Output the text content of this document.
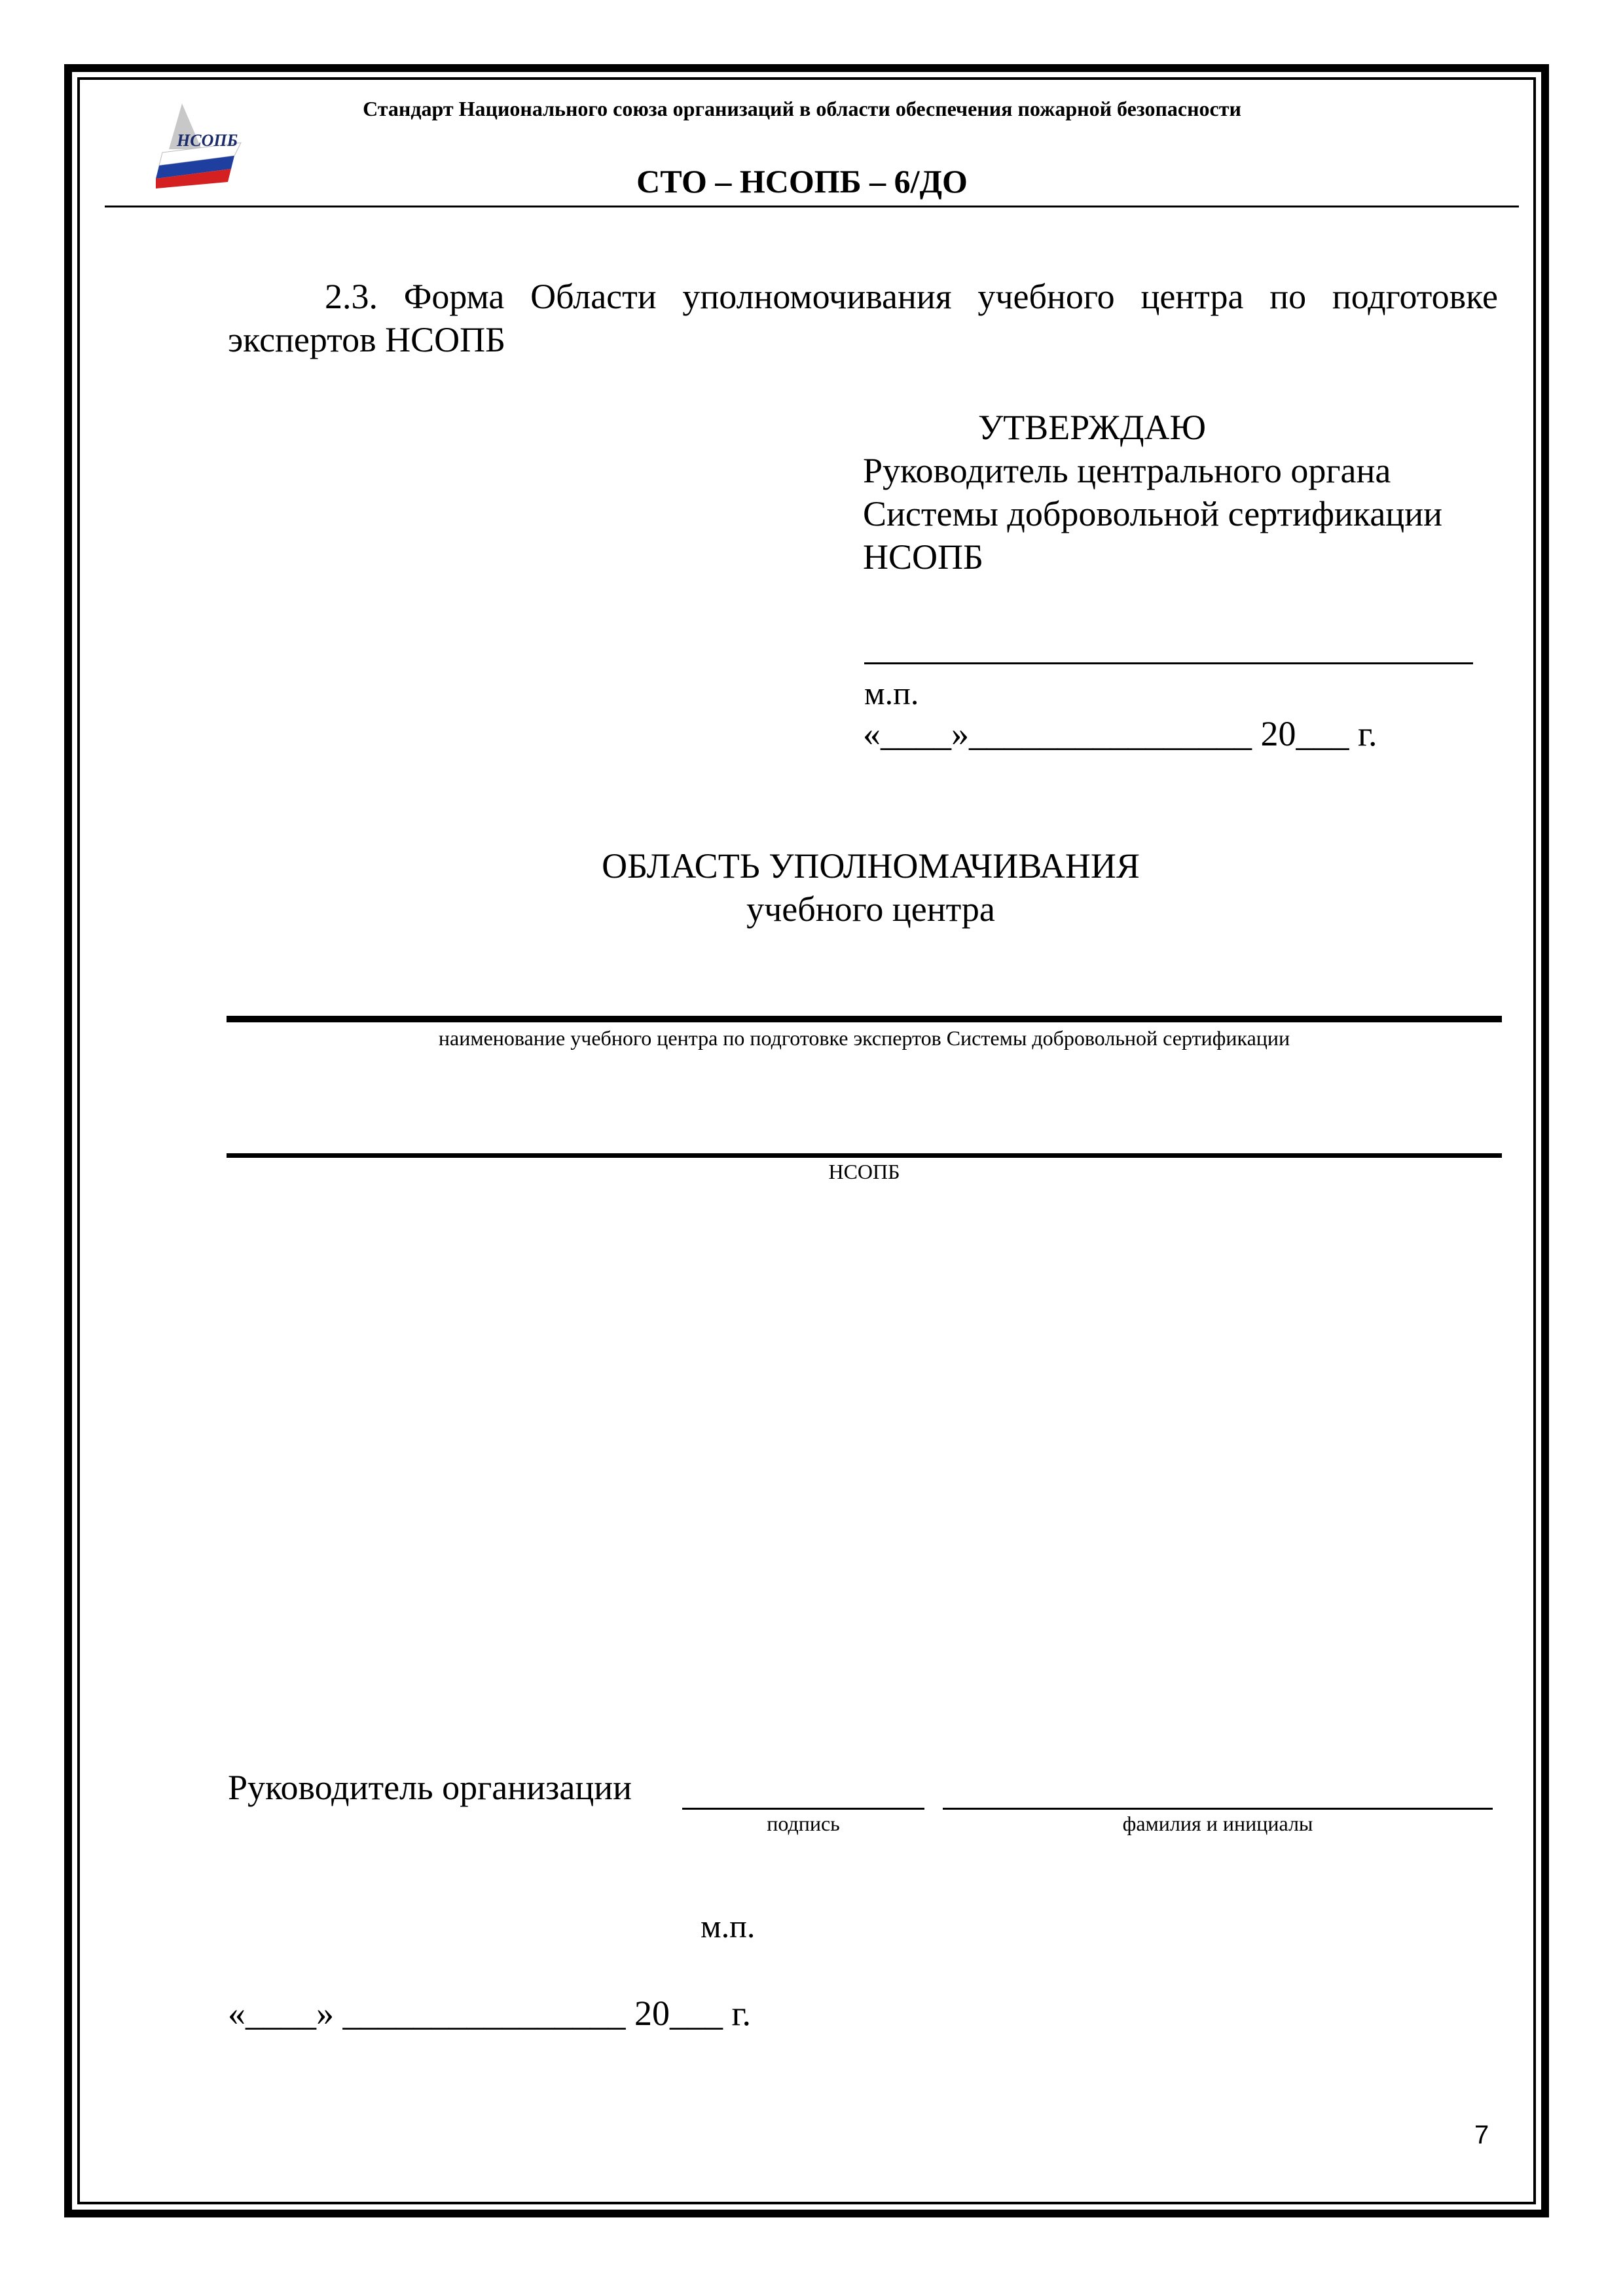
НСОПБ
Стандарт Национального союза организаций в области обеспечения пожарной безопасности
СТО – НСОПБ – 6/ДО
2.3. Форма Области уполномочивания учебного центра по подготовке экспертов НСОПБ
УТВЕРЖДАЮ
Руководитель центрального органа
Системы добровольной сертификации
НСОПБ
м.п.
«____»________________ 20___ г.
ОБЛАСТЬ УПОЛНОМАЧИВАНИЯ
учебного центра
наименование учебного центра по подготовке экспертов Системы добровольной сертификации
НСОПБ
Руководитель организации
подпись	фамилия и инициалы
м.п.
«____» ________________ 20___ г.
7
